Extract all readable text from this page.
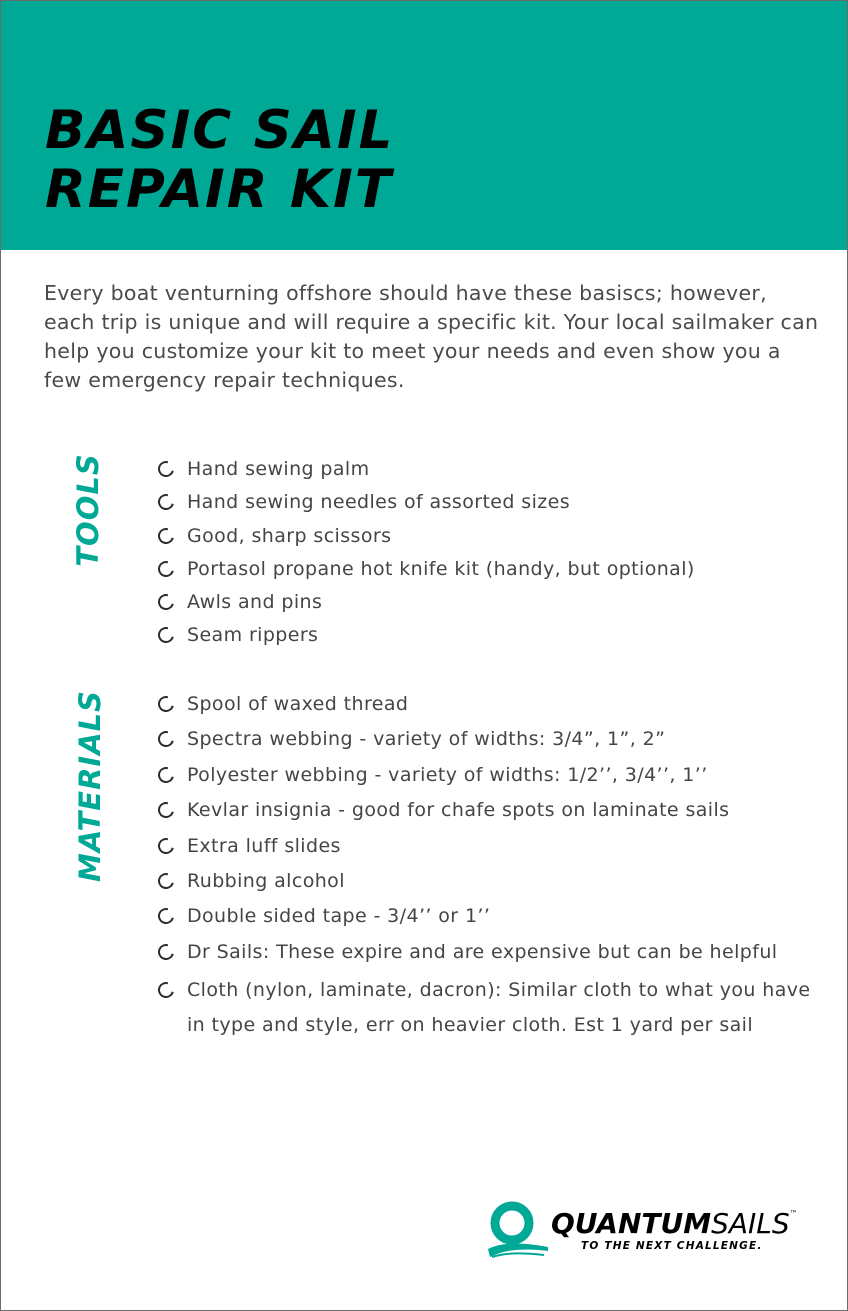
BASIC SAIL
REPAIR KIT

Every boat venturning offshore should have these basiscs; however, each trip is unique and will require a specific kit. Your local sailmaker can help you customize your kit to meet your needs and even show you a few emergency repair techniques.

TOOLS	Hand sewing palm
Hand sewing needles of assorted sizes
Good, sharp scissors
Portasol propane hot knife kit (handy, but optional)
Awls and pins
Seam rippers
MATERIALS	Spool of waxed thread
Spectra webbing - variety of widths: 3/4”, 1”, 2”
Polyester webbing - variety of widths: 1/2’’, 3/4’’, 1’’
Kevlar insignia - good for chafe spots on laminate sails
Extra luff slides
Rubbing alcohol
Double sided tape - 3/4’’ or 1’’
Dr Sails: These expire and are expensive but can be helpful
Cloth (nylon, laminate, dacron): Similar cloth to what you have in type and style, err on heavier cloth. Est 1 yard per sail
QUANTUMSAILS™
TO THE NEXT CHALLENGE.
